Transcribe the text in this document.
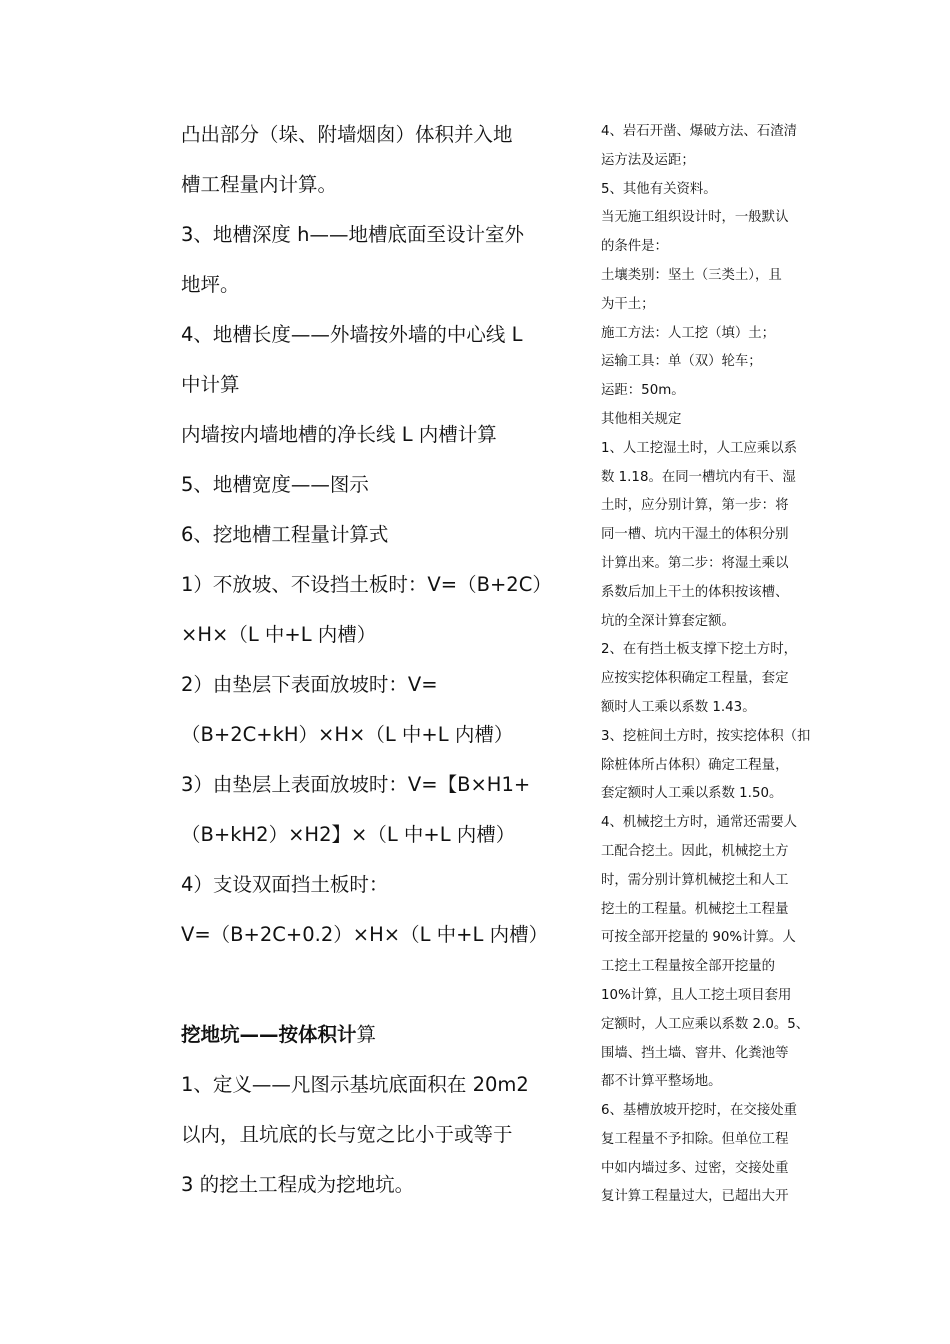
凸出部分（垛、附墙烟囱）体积并入地
槽工程量内计算。
3、地槽深度 h——地槽底面至设计室外
地坪。
4、地槽长度——外墙按外墙的中心线 L
中计算
内墙按内墙地槽的净长线 L 内槽计算
5、地槽宽度——图示
6、挖地槽工程量计算式
1）不放坡、不设挡土板时：V=（B+2C）
×H×（L 中+L 内槽）
2）由垫层下表面放坡时：V=
（B+2C+kH）×H×（L 中+L 内槽）
3）由垫层上表面放坡时：V=【B×H1+
（B+kH2）×H2】×（L 中+L 内槽）
4）支设双面挡土板时：
V=（B+2C+0.2）×H×（L 中+L 内槽）
挖地坑——按体积计算
1、定义——凡图示基坑底面积在 20m2
以内，且坑底的长与宽之比小于或等于
3 的挖土工程成为挖地坑。
4、岩石开凿、爆破方法、石渣清
运方法及运距；
5、其他有关资料。
当无施工组织设计时，一般默认
的条件是：
土壤类别：坚土（三类土），且
为干土；
施工方法：人工挖（填）土；
运输工具：单（双）轮车；
运距：50m。
其他相关规定
1、人工挖湿土时，人工应乘以系
数 1.18。在同一槽坑内有干、湿
土时，应分别计算，第一步：将
同一槽、坑内干湿土的体积分别
计算出来。第二步：将湿土乘以
系数后加上干土的体积按该槽、
坑的全深计算套定额。
2、在有挡土板支撑下挖土方时，
应按实挖体积确定工程量，套定
额时人工乘以系数 1.43。
3、挖桩间土方时，按实挖体积（扣
除桩体所占体积）确定工程量，
套定额时人工乘以系数 1.50。
4、机械挖土方时，通常还需要人
工配合挖土。因此，机械挖土方
时，需分别计算机械挖土和人工
挖土的工程量。机械挖土工程量
可按全部开挖量的 90%计算。人
工挖土工程量按全部开挖量的
10%计算，且人工挖土项目套用
定额时，人工应乘以系数 2.0。5、
围墙、挡土墙、窨井、化粪池等
都不计算平整场地。
6、基槽放坡开挖时，在交接处重
复工程量不予扣除。但单位工程
中如内墙过多、过密，交接处重
复计算工程量过大，已超出大开
